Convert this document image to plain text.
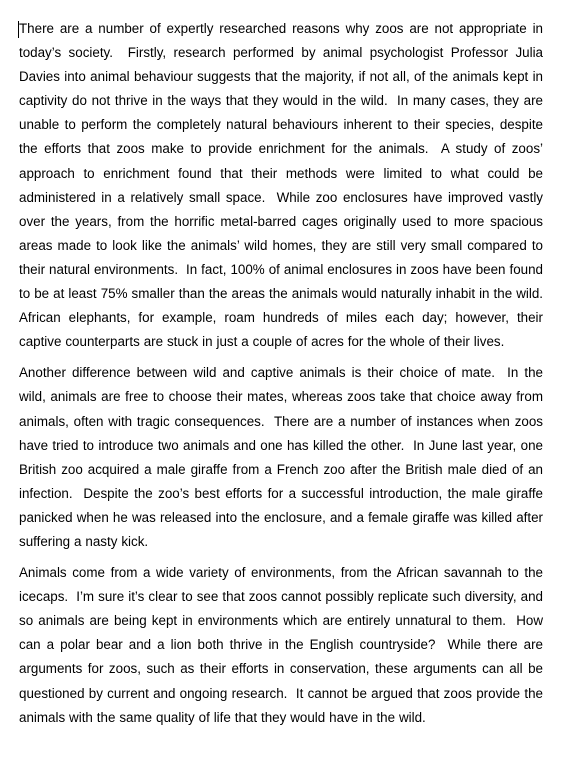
There are a number of expertly researched reasons why zoos are not appropriate in today’s society.  Firstly, research performed by animal psychologist Professor Julia Davies into animal behaviour suggests that the majority, if not all, of the animals kept in captivity do not thrive in the ways that they would in the wild.  In many cases, they are unable to perform the completely natural behaviours inherent to their species, despite the efforts that zoos make to provide enrichment for the animals.  A study of zoos’ approach to enrichment found that their methods were limited to what could be administered in a relatively small space.  While zoo enclosures have improved vastly over the years, from the horrific metal-barred cages originally used to more spacious areas made to look like the animals’ wild homes, they are still very small compared to their natural environments.  In fact, 100% of animal enclosures in zoos have been found to be at least 75% smaller than the areas the animals would naturally inhabit in the wild.  African elephants, for example, roam hundreds of miles each day; however, their captive counterparts are stuck in just a couple of acres for the whole of their lives.

Another difference between wild and captive animals is their choice of mate.  In the wild, animals are free to choose their mates, whereas zoos take that choice away from animals, often with tragic consequences.  There are a number of instances when zoos have tried to introduce two animals and one has killed the other.  In June last year, one British zoo acquired a male giraffe from a French zoo after the British male died of an infection.  Despite the zoo’s best efforts for a successful introduction, the male giraffe panicked when he was released into the enclosure, and a female giraffe was killed after suffering a nasty kick.

Animals come from a wide variety of environments, from the African savannah to the icecaps.  I’m sure it’s clear to see that zoos cannot possibly replicate such diversity, and so animals are being kept in environments which are entirely unnatural to them.  How can a polar bear and a lion both thrive in the English countryside?  While there are arguments for zoos, such as their efforts in conservation, these arguments can all be questioned by current and ongoing research.  It cannot be argued that zoos provide the animals with the same quality of life that they would have in the wild.
